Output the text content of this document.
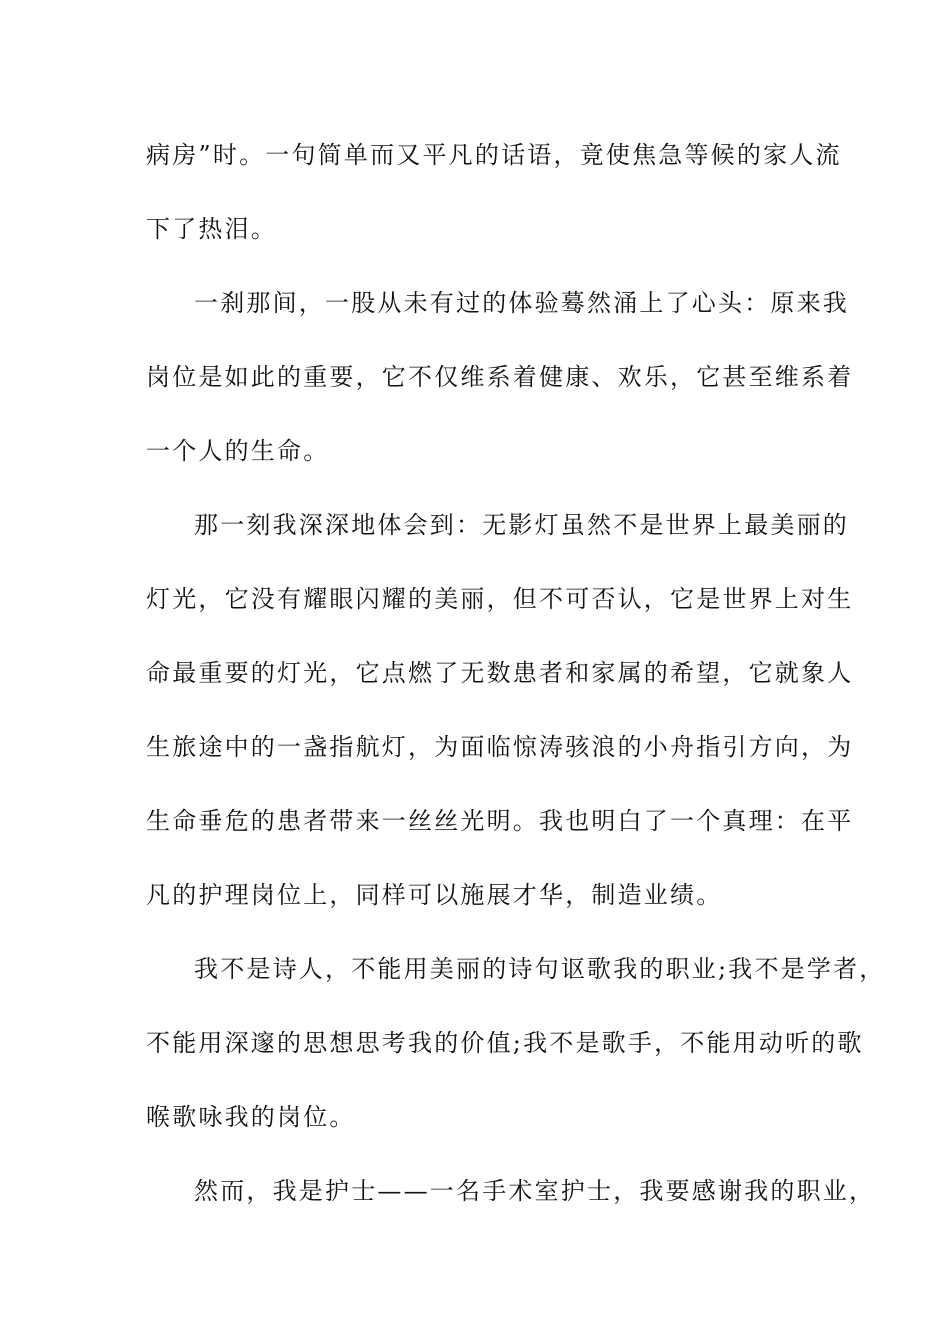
病房”时。一句简单而又平凡的话语，竟使焦急等候的家人流
下了热泪。
一刹那间，一股从未有过的体验蓦然涌上了心头：原来我
岗位是如此的重要，它不仅维系着健康、欢乐，它甚至维系着
一个人的生命。
那一刻我深深地体会到：无影灯虽然不是世界上最美丽的
灯光，它没有耀眼闪耀的美丽，但不可否认，它是世界上对生
命最重要的灯光，它点燃了无数患者和家属的希望，它就象人
生旅途中的一盏指航灯，为面临惊涛骇浪的小舟指引方向，为
生命垂危的患者带来一丝丝光明。我也明白了一个真理：在平
凡的护理岗位上，同样可以施展才华，制造业绩。
我不是诗人，不能用美丽的诗句讴歌我的职业;我不是学者，
不能用深邃的思想思考我的价值;我不是歌手，不能用动听的歌
喉歌咏我的岗位。
然而，我是护士——一名手术室护士，我要感谢我的职业，
